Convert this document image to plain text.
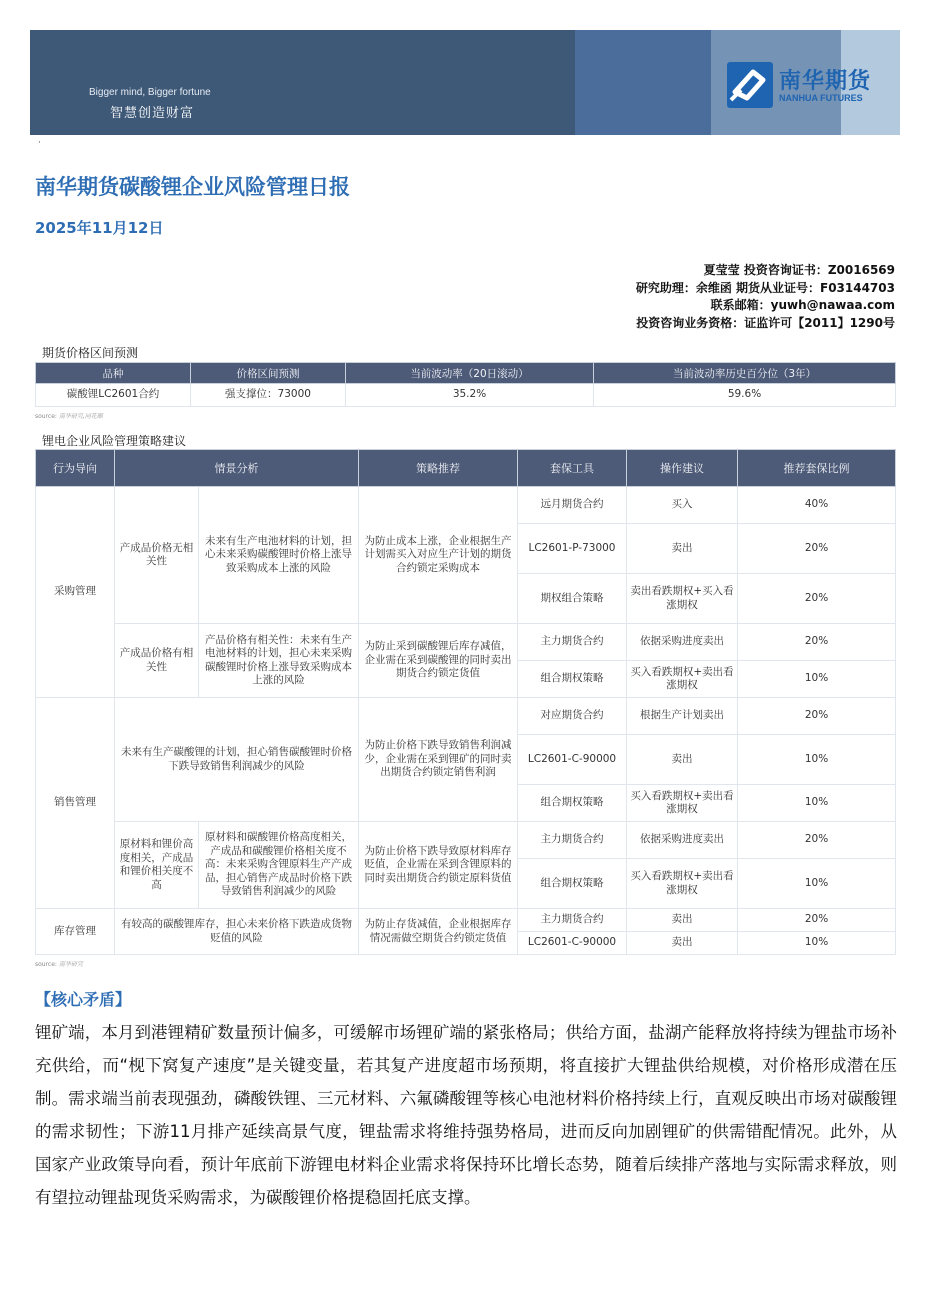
Bigger mind, Bigger fortune
智慧创造财富
南华期货
NANHUA FUTURES
·
南华期货碳酸锂企业风险管理日报
2025年11月12日
夏莹莹 投资咨询证书：Z0016569
研究助理：余维函 期货从业证号：F03144703
联系邮箱：yuwh@nawaa.com
投资咨询业务资格：证监许可【2011】1290号
期货价格区间预测
品种	价格区间预测	当前波动率（20日滚动）	当前波动率历史百分位（3年）
碳酸锂LC2601合约	强支撑位：73000	35.2%	59.6%
source: 南华研究,同花顺
锂电企业风险管理策略建议
行为导向	情景分析		策略推荐	套保工具	操作建议	推荐套保比例
采购管理	产成品价格无相关性	未来有生产电池材料的计划，担心未来采购碳酸锂时价格上涨导致采购成本上涨的风险	为防止成本上涨，企业根据生产计划需买入对应生产计划的期货合约锁定采购成本	远月期货合约	买入	40%
				LC2601-P-73000	卖出	20%
				期权组合策略	卖出看跌期权+买入看涨期权	20%
	产成品价格有相关性	产品价格有相关性：未来有生产电池材料的计划，担心未来采购碳酸锂时价格上涨导致采购成本上涨的风险	为防止采到碳酸锂后库存减值，企业需在采到碳酸锂的同时卖出期货合约锁定货值	主力期货合约	依据采购进度卖出	20%
				组合期权策略	买入看跌期权+卖出看涨期权	10%
销售管理	未来有生产碳酸锂的计划，担心销售碳酸锂时价格下跌导致销售利润减少的风险		为防止价格下跌导致销售利润减少，企业需在采到锂矿的同时卖出期货合约锁定销售利润	对应期货合约	根据生产计划卖出	20%
				LC2601-C-90000	卖出	10%
				组合期权策略	买入看跌期权+卖出看涨期权	10%
	原材料和锂价高度相关，产成品和锂价相关度不高	原材料和碳酸锂价格高度相关，产成品和碳酸锂价格相关度不高：未来采购含锂原料生产产成品，担心销售产成品时价格下跌导致销售利润减少的风险	为防止价格下跌导致原材料库存贬值，企业需在采到含锂原料的同时卖出期货合约锁定原料货值	主力期货合约	依据采购进度卖出	20%
				组合期权策略	买入看跌期权+卖出看涨期权	10%
库存管理	有较高的碳酸锂库存，担心未来价格下跌造成货物贬值的风险		为防止存货减值，企业根据库存情况需做空期货合约锁定货值	主力期货合约	卖出	20%
				LC2601-C-90000	卖出	10%
source: 南华研究
【核心矛盾】
锂矿端，本月到港锂精矿数量预计偏多，可缓解市场锂矿端的紧张格局；供给方面，盐湖产能释放将持续为锂盐市场补充供给，而“枧下窝复产速度”是关键变量，若其复产进度超市场预期，将直接扩大锂盐供给规模，对价格形成潜在压制。需求端当前表现强劲，磷酸铁锂、三元材料、六氟磷酸锂等核心电池材料价格持续上行，直观反映出市场对碳酸锂的需求韧性；下游11月排产延续高景气度，锂盐需求将维持强势格局，进而反向加剧锂矿的供需错配情况。此外，从国家产业政策导向看，预计年底前下游锂电材料企业需求将保持环比增长态势，随着后续排产落地与实际需求释放，则有望拉动锂盐现货采购需求，为碳酸锂价格提稳固托底支撑。
